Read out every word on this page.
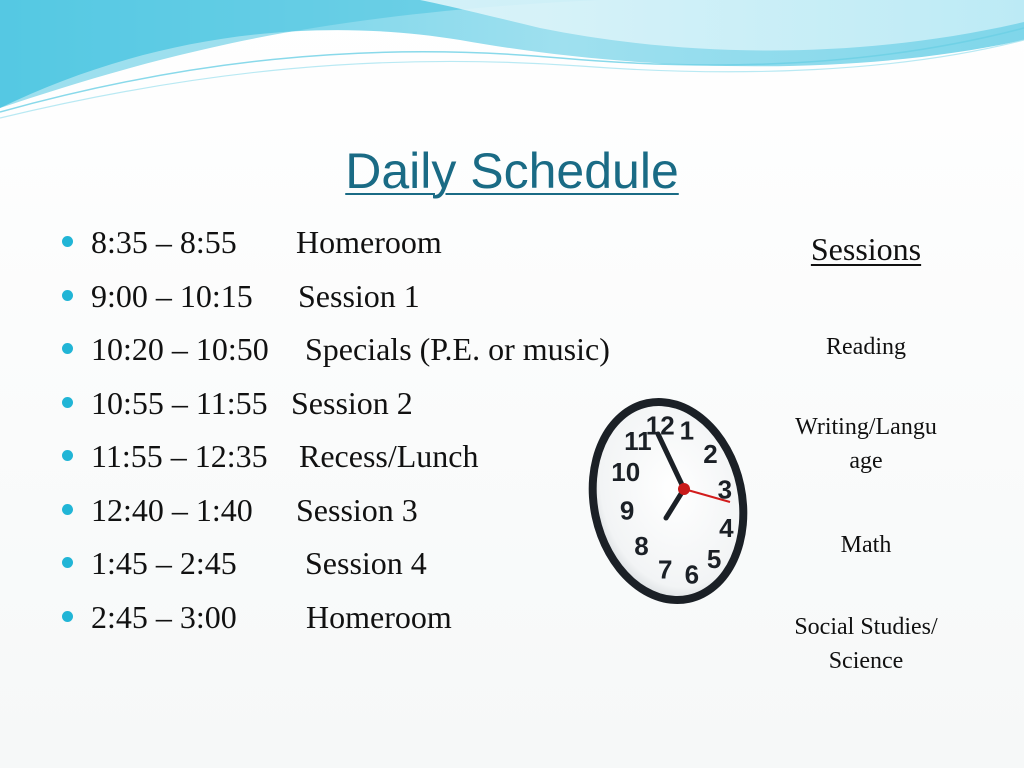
Daily Schedule
8:35 – 8:55 Homeroom
9:00 – 10:15 Session 1
10:20 – 10:50 Specials (P.E. or music)
10:55 – 11:55 Session 2
11:55 – 12:35 Recess/Lunch
12:40 – 1:40 Session 3
1:45 – 2:45 Session 4
2:45 – 3:00 Homeroom
Sessions
Reading
Writing/Langu
age
Math
Social Studies/
Science
12 1
2
3
4
5
6
7
8
9
10
11
